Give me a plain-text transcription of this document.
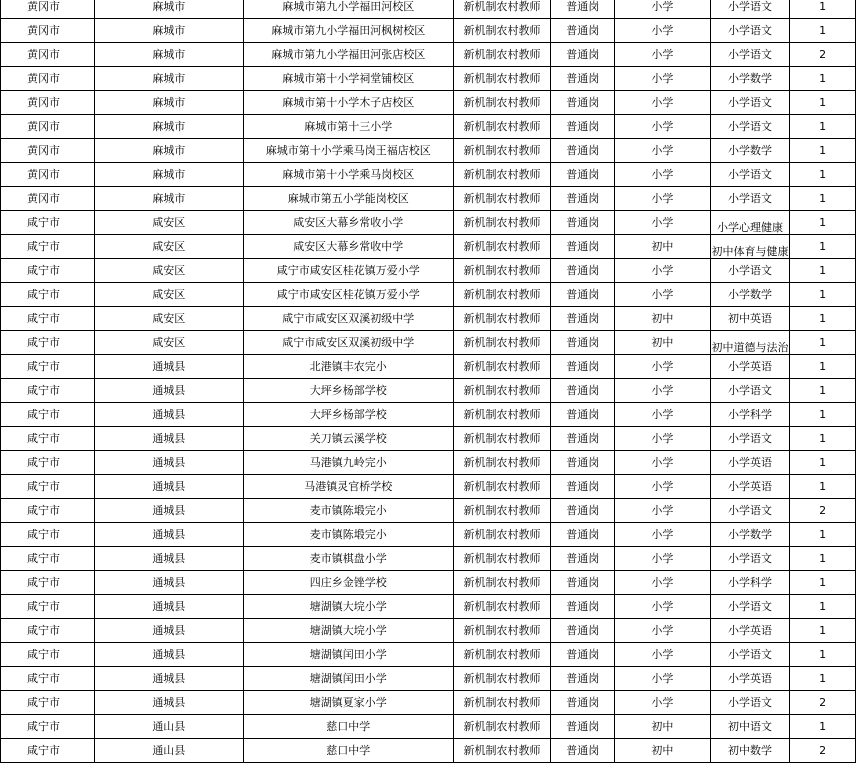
黄冈市	麻城市	麻城市第九小学福田河校区	新机制农村教师	普通岗	小学	小学语文	1
黄冈市	麻城市	麻城市第九小学福田河枫树校区	新机制农村教师	普通岗	小学	小学语文	1
黄冈市	麻城市	麻城市第九小学福田河张店校区	新机制农村教师	普通岗	小学	小学语文	2
黄冈市	麻城市	麻城市第十小学祠堂铺校区	新机制农村教师	普通岗	小学	小学数学	1
黄冈市	麻城市	麻城市第十小学木子店校区	新机制农村教师	普通岗	小学	小学语文	1
黄冈市	麻城市	麻城市第十三小学	新机制农村教师	普通岗	小学	小学语文	1
黄冈市	麻城市	麻城市第十小学乘马岗王福店校区	新机制农村教师	普通岗	小学	小学数学	1
黄冈市	麻城市	麻城市第十小学乘马岗校区	新机制农村教师	普通岗	小学	小学语文	1
黄冈市	麻城市	麻城市第五小学能岗校区	新机制农村教师	普通岗	小学	小学语文	1
咸宁市	咸安区	咸安区大幕乡常收小学	新机制农村教师	普通岗	小学	小学心理健康	1
咸宁市	咸安区	咸安区大幕乡常收中学	新机制农村教师	普通岗	初中	初中体育与健康	1
咸宁市	咸安区	咸宁市咸安区桂花镇万爱小学	新机制农村教师	普通岗	小学	小学语文	1
咸宁市	咸安区	咸宁市咸安区桂花镇万爱小学	新机制农村教师	普通岗	小学	小学数学	1
咸宁市	咸安区	咸宁市咸安区双溪初级中学	新机制农村教师	普通岗	初中	初中英语	1
咸宁市	咸安区	咸宁市咸安区双溪初级中学	新机制农村教师	普通岗	初中	初中道德与法治	1
咸宁市	通城县	北港镇丰农完小	新机制农村教师	普通岗	小学	小学英语	1
咸宁市	通城县	大坪乡杨部学校	新机制农村教师	普通岗	小学	小学语文	1
咸宁市	通城县	大坪乡杨部学校	新机制农村教师	普通岗	小学	小学科学	1
咸宁市	通城县	关刀镇云溪学校	新机制农村教师	普通岗	小学	小学语文	1
咸宁市	通城县	马港镇九岭完小	新机制农村教师	普通岗	小学	小学英语	1
咸宁市	通城县	马港镇灵官桥学校	新机制农村教师	普通岗	小学	小学英语	1
咸宁市	通城县	麦市镇陈塅完小	新机制农村教师	普通岗	小学	小学语文	2
咸宁市	通城县	麦市镇陈塅完小	新机制农村教师	普通岗	小学	小学数学	1
咸宁市	通城县	麦市镇棋盘小学	新机制农村教师	普通岗	小学	小学语文	1
咸宁市	通城县	四庄乡金锉学校	新机制农村教师	普通岗	小学	小学科学	1
咸宁市	通城县	塘湖镇大垸小学	新机制农村教师	普通岗	小学	小学语文	1
咸宁市	通城县	塘湖镇大垸小学	新机制农村教师	普通岗	小学	小学英语	1
咸宁市	通城县	塘湖镇闰田小学	新机制农村教师	普通岗	小学	小学语文	1
咸宁市	通城县	塘湖镇闰田小学	新机制农村教师	普通岗	小学	小学英语	1
咸宁市	通城县	塘湖镇夏家小学	新机制农村教师	普通岗	小学	小学语文	2
咸宁市	通山县	慈口中学	新机制农村教师	普通岗	初中	初中语文	1
咸宁市	通山县	慈口中学	新机制农村教师	普通岗	初中	初中数学	2
